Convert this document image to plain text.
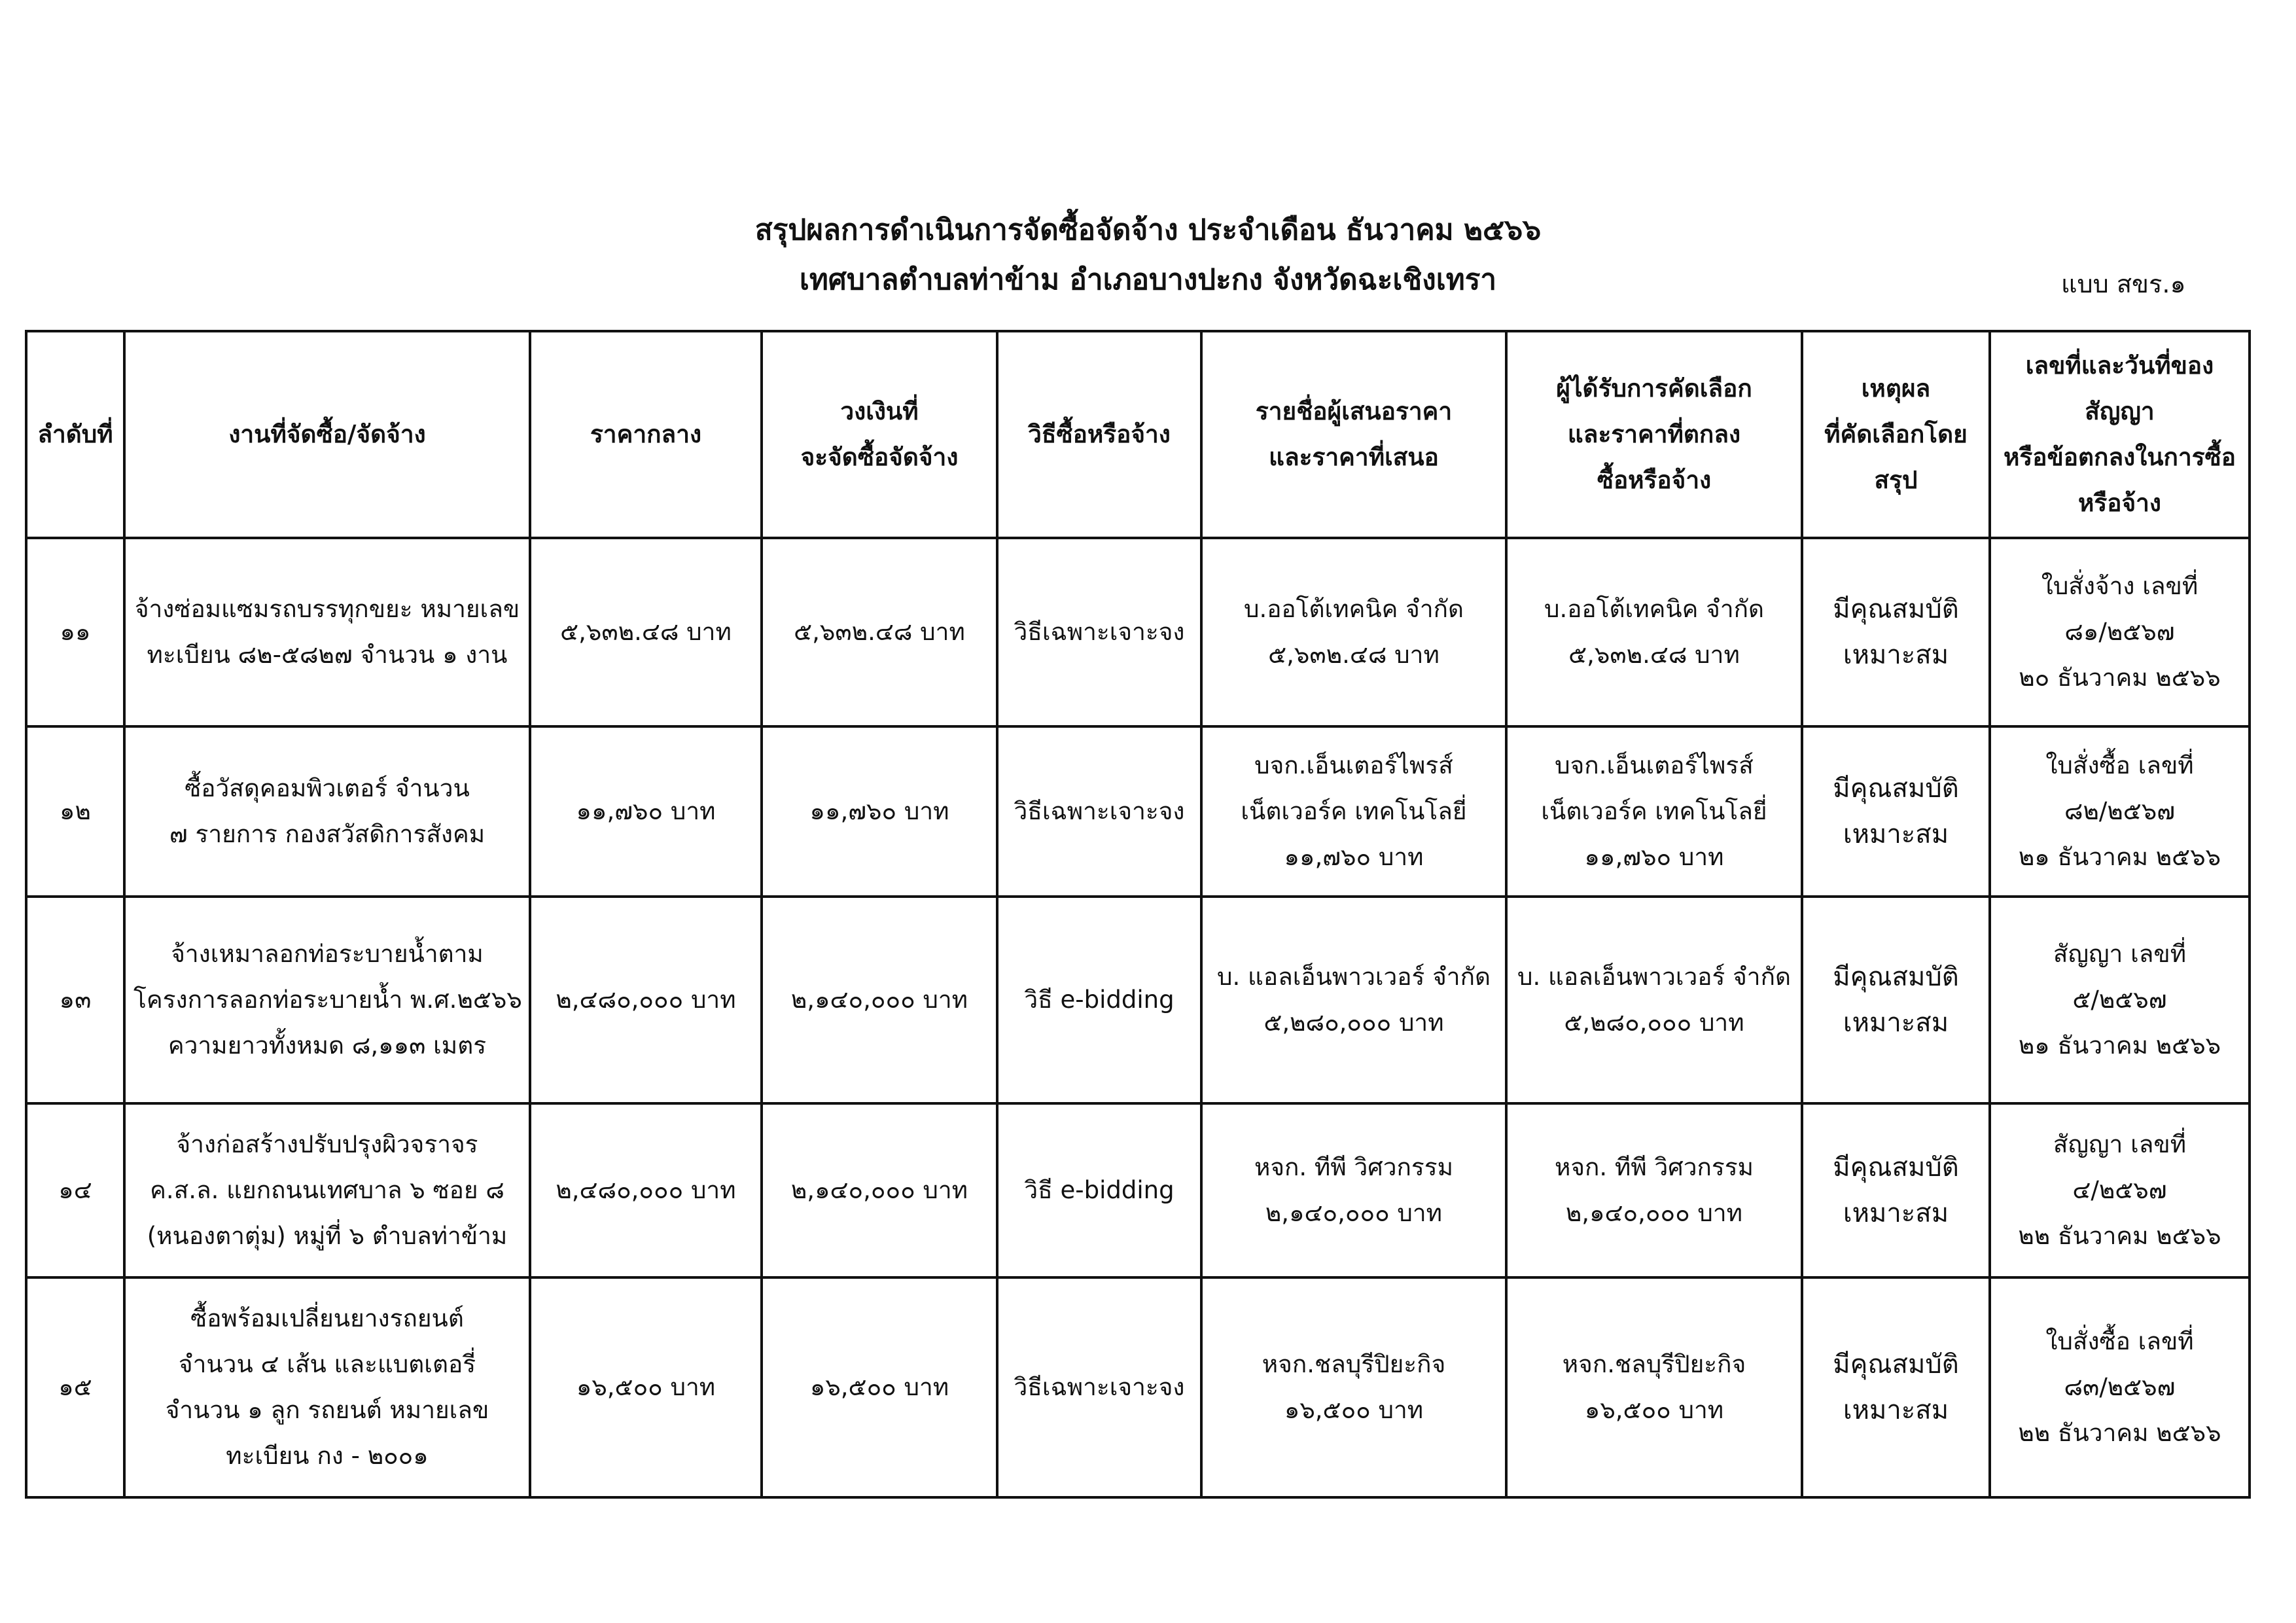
สรุปผลการดำเนินการจัดซื้อจัดจ้าง ประจำเดือน ธันวาคม ๒๕๖๖
เทศบาลตำบลท่าข้าม อำเภอบางปะกง จังหวัดฉะเชิงเทรา	แบบ สขร.๑
ลำดับที่	งานที่จัดซื้อ/จัดจ้าง	ราคากลาง	วงเงินที่
จะจัดซื้อจัดจ้าง	วิธีซื้อหรือจ้าง	รายชื่อผู้เสนอราคา
และราคาที่เสนอ	ผู้ได้รับการคัดเลือก
และราคาที่ตกลง
ซื้อหรือจ้าง	เหตุผล
ที่คัดเลือกโดย
สรุป	เลขที่และวันที่ของ
สัญญา
หรือข้อตกลงในการซื้อ
หรือจ้าง

๑๑	จ้างซ่อมแซมรถบรรทุกขยะ หมายเลข
ทะเบียน ๘๒-๕๘๒๗ จำนวน ๑ งาน	๕,๖๓๒.๔๘ บาท	๕,๖๓๒.๔๘ บาท	วิธีเฉพาะเจาะจง	บ.ออโต้เทคนิค จำกัด
๕,๖๓๒.๔๘ บาท	บ.ออโต้เทคนิค จำกัด
๕,๖๓๒.๔๘ บาท	มีคุณสมบัติ
เหมาะสม	ใบสั่งจ้าง เลขที่
๘๑/๒๕๖๗
๒๐ ธันวาคม ๒๕๖๖

๑๒	ซื้อวัสดุคอมพิวเตอร์ จำนวน
๗ รายการ กองสวัสดิการสังคม	๑๑,๗๖๐ บาท	๑๑,๗๖๐ บาท	วิธีเฉพาะเจาะจง	บจก.เอ็นเตอร์ไพรส์
เน็ตเวอร์ค เทคโนโลยี่
๑๑,๗๖๐ บาท	บจก.เอ็นเตอร์ไพรส์
เน็ตเวอร์ค เทคโนโลยี่
๑๑,๗๖๐ บาท	มีคุณสมบัติ
เหมาะสม	ใบสั่งซื้อ เลขที่
๘๒/๒๕๖๗
๒๑ ธันวาคม ๒๕๖๖

๑๓	จ้างเหมาลอกท่อระบายน้ำตาม
โครงการลอกท่อระบายน้ำ พ.ศ.๒๕๖๖
ความยาวทั้งหมด ๘,๑๑๓ เมตร	๒,๔๘๐,๐๐๐ บาท	๒,๑๔๐,๐๐๐ บาท	วิธี e-bidding	บ. แอลเอ็นพาวเวอร์ จำกัด
๕,๒๘๐,๐๐๐ บาท	บ. แอลเอ็นพาวเวอร์ จำกัด
๕,๒๘๐,๐๐๐ บาท	มีคุณสมบัติ
เหมาะสม	สัญญา เลขที่
๕/๒๕๖๗
๒๑ ธันวาคม ๒๕๖๖

๑๔	จ้างก่อสร้างปรับปรุงผิวจราจร
ค.ส.ล. แยกถนนเทศบาล ๖ ซอย ๘
(หนองตาตุ่ม) หมู่ที่ ๖ ตำบลท่าข้าม	๒,๔๘๐,๐๐๐ บาท	๒,๑๔๐,๐๐๐ บาท	วิธี e-bidding	หจก. ทีพี วิศวกรรม
๒,๑๔๐,๐๐๐ บาท	หจก. ทีพี วิศวกรรม
๒,๑๔๐,๐๐๐ บาท	มีคุณสมบัติ
เหมาะสม	สัญญา เลขที่
๔/๒๕๖๗
๒๒ ธันวาคม ๒๕๖๖

๑๕	ซื้อพร้อมเปลี่ยนยางรถยนต์
จำนวน ๔ เส้น และแบตเตอรี่
จำนวน ๑ ลูก รถยนต์ หมายเลข
ทะเบียน กง - ๒๐๐๑	๑๖,๕๐๐ บาท	๑๖,๕๐๐ บาท	วิธีเฉพาะเจาะจง	หจก.ชลบุรีปิยะกิจ
๑๖,๕๐๐ บาท	หจก.ชลบุรีปิยะกิจ
๑๖,๕๐๐ บาท	มีคุณสมบัติ
เหมาะสม	ใบสั่งซื้อ เลขที่
๘๓/๒๕๖๗
๒๒ ธันวาคม ๒๕๖๖
